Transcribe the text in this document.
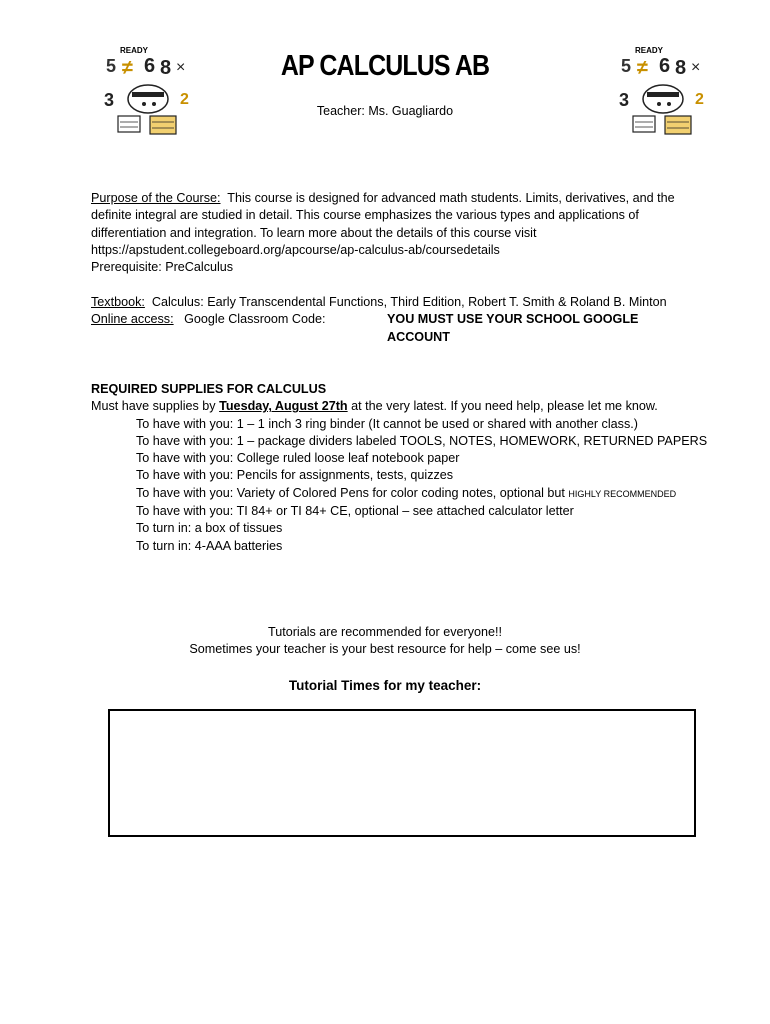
READY
5 ≠ 6 8 ×
3	2
READY
5 ≠ 6 8 ×
3	2
AP CALCULUS AB
Teacher: Ms. Guagliardo
Purpose of the Course:  This course is designed for advanced math students. Limits, derivatives, and the
definite integral are studied in detail. This course emphasizes the various types and applications of
differentiation and integration. To learn more about the details of this course visit
https://apstudent.collegeboard.org/apcourse/ap-calculus-ab/coursedetails
Prerequisite: PreCalculus
Textbook:  Calculus: Early Transcendental Functions, Third Edition, Robert T. Smith & Roland B. Minton
Online access:   Google Classroom Code:	YOU MUST USE YOUR SCHOOL GOOGLE ACCOUNT
REQUIRED SUPPLIES FOR CALCULUS
Must have supplies by Tuesday, August 27th at the very latest. If you need help, please let me know.
To have with you: 1 – 1 inch 3 ring binder (It cannot be used or shared with another class.)
To have with you: 1 – package dividers labeled TOOLS, NOTES, HOMEWORK, RETURNED PAPERS
To have with you: College ruled loose leaf notebook paper
To have with you: Pencils for assignments, tests, quizzes
To have with you: Variety of Colored Pens for color coding notes, optional but HIGHLY RECOMMENDED
To have with you: TI 84+ or TI 84+ CE, optional – see attached calculator letter
To turn in: a box of tissues
To turn in: 4-AAA batteries
Tutorials are recommended for everyone!!
Sometimes your teacher is your best resource for help – come see us!
Tutorial Times for my teacher:
